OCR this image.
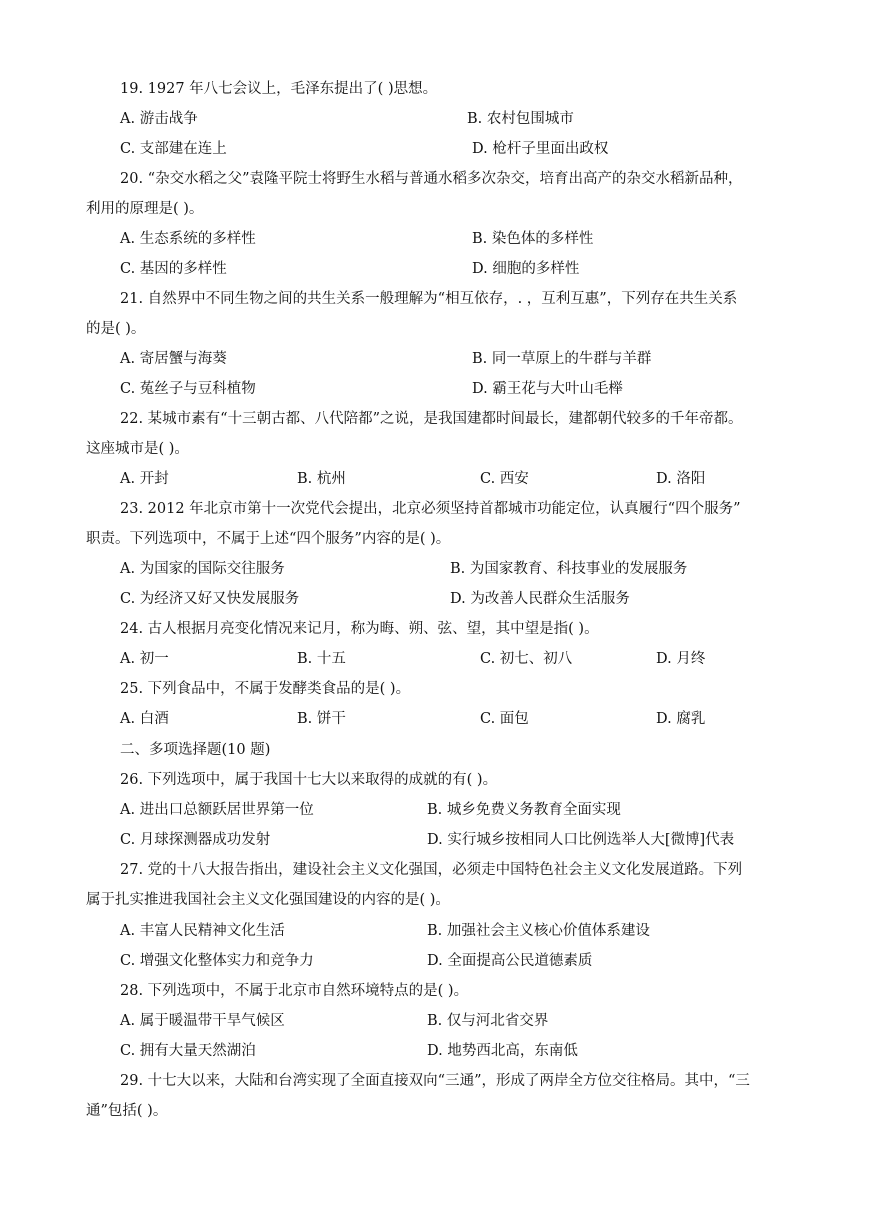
19. 1927 年八七会议上，毛泽东提出了( )思想。
A. 游击战争	B. 农村包围城市
C. 支部建在连上	D. 枪杆子里面出政权
20. “杂交水稻之父”袁隆平院士将野生水稻与普通水稻多次杂交，培育出高产的杂交水稻新品种，
利用的原理是( )。
A. 生态系统的多样性	B. 染色体的多样性
C. 基因的多样性	D. 细胞的多样性
21. 自然界中不同生物之间的共生关系一般理解为“相互依存，. ，互利互惠”，下列存在共生关系
的是( )。
A. 寄居蟹与海葵	B. 同一草原上的牛群与羊群
C. 菟丝子与豆科植物	D. 霸王花与大叶山毛榉
22. 某城市素有“十三朝古都、八代陪都”之说，是我国建都时间最长，建都朝代较多的千年帝都。
这座城市是( )。
A. 开封	B. 杭州	C. 西安	D. 洛阳
23. 2012 年北京市第十一次党代会提出，北京必须坚持首都城市功能定位，认真履行“四个服务”
职责。下列选项中，不属于上述“四个服务”内容的是( )。
A. 为国家的国际交往服务	B. 为国家教育、科技事业的发展服务
C. 为经济又好又快发展服务	D. 为改善人民群众生活服务
24. 古人根据月亮变化情况来记月，称为晦、朔、弦、望，其中望是指( )。
A. 初一	B. 十五	C. 初七、初八	D. 月终
25. 下列食品中，不属于发酵类食品的是( )。
A. 白酒	B. 饼干	C. 面包	D. 腐乳
二、多项选择题(10 题)
26. 下列选项中，属于我国十七大以来取得的成就的有( )。
A. 进出口总额跃居世界第一位	B. 城乡免费义务教育全面实现
C. 月球探测器成功发射	D. 实行城乡按相同人口比例选举人大[微博]代表
27. 党的十八大报告指出，建设社会主义文化强国，必须走中国特色社会主义文化发展道路。下列
属于扎实推进我国社会主义文化强国建设的内容的是( )。
A. 丰富人民精神文化生活	B. 加强社会主义核心价值体系建设
C. 增强文化整体实力和竞争力	D. 全面提高公民道德素质
28. 下列选项中，不属于北京市自然环境特点的是( )。
A. 属于暖温带干旱气候区	B. 仅与河北省交界
C. 拥有大量天然湖泊	D. 地势西北高，东南低
29. 十七大以来，大陆和台湾实现了全面直接双向“三通”，形成了两岸全方位交往格局。其中，“三
通”包括( )。
